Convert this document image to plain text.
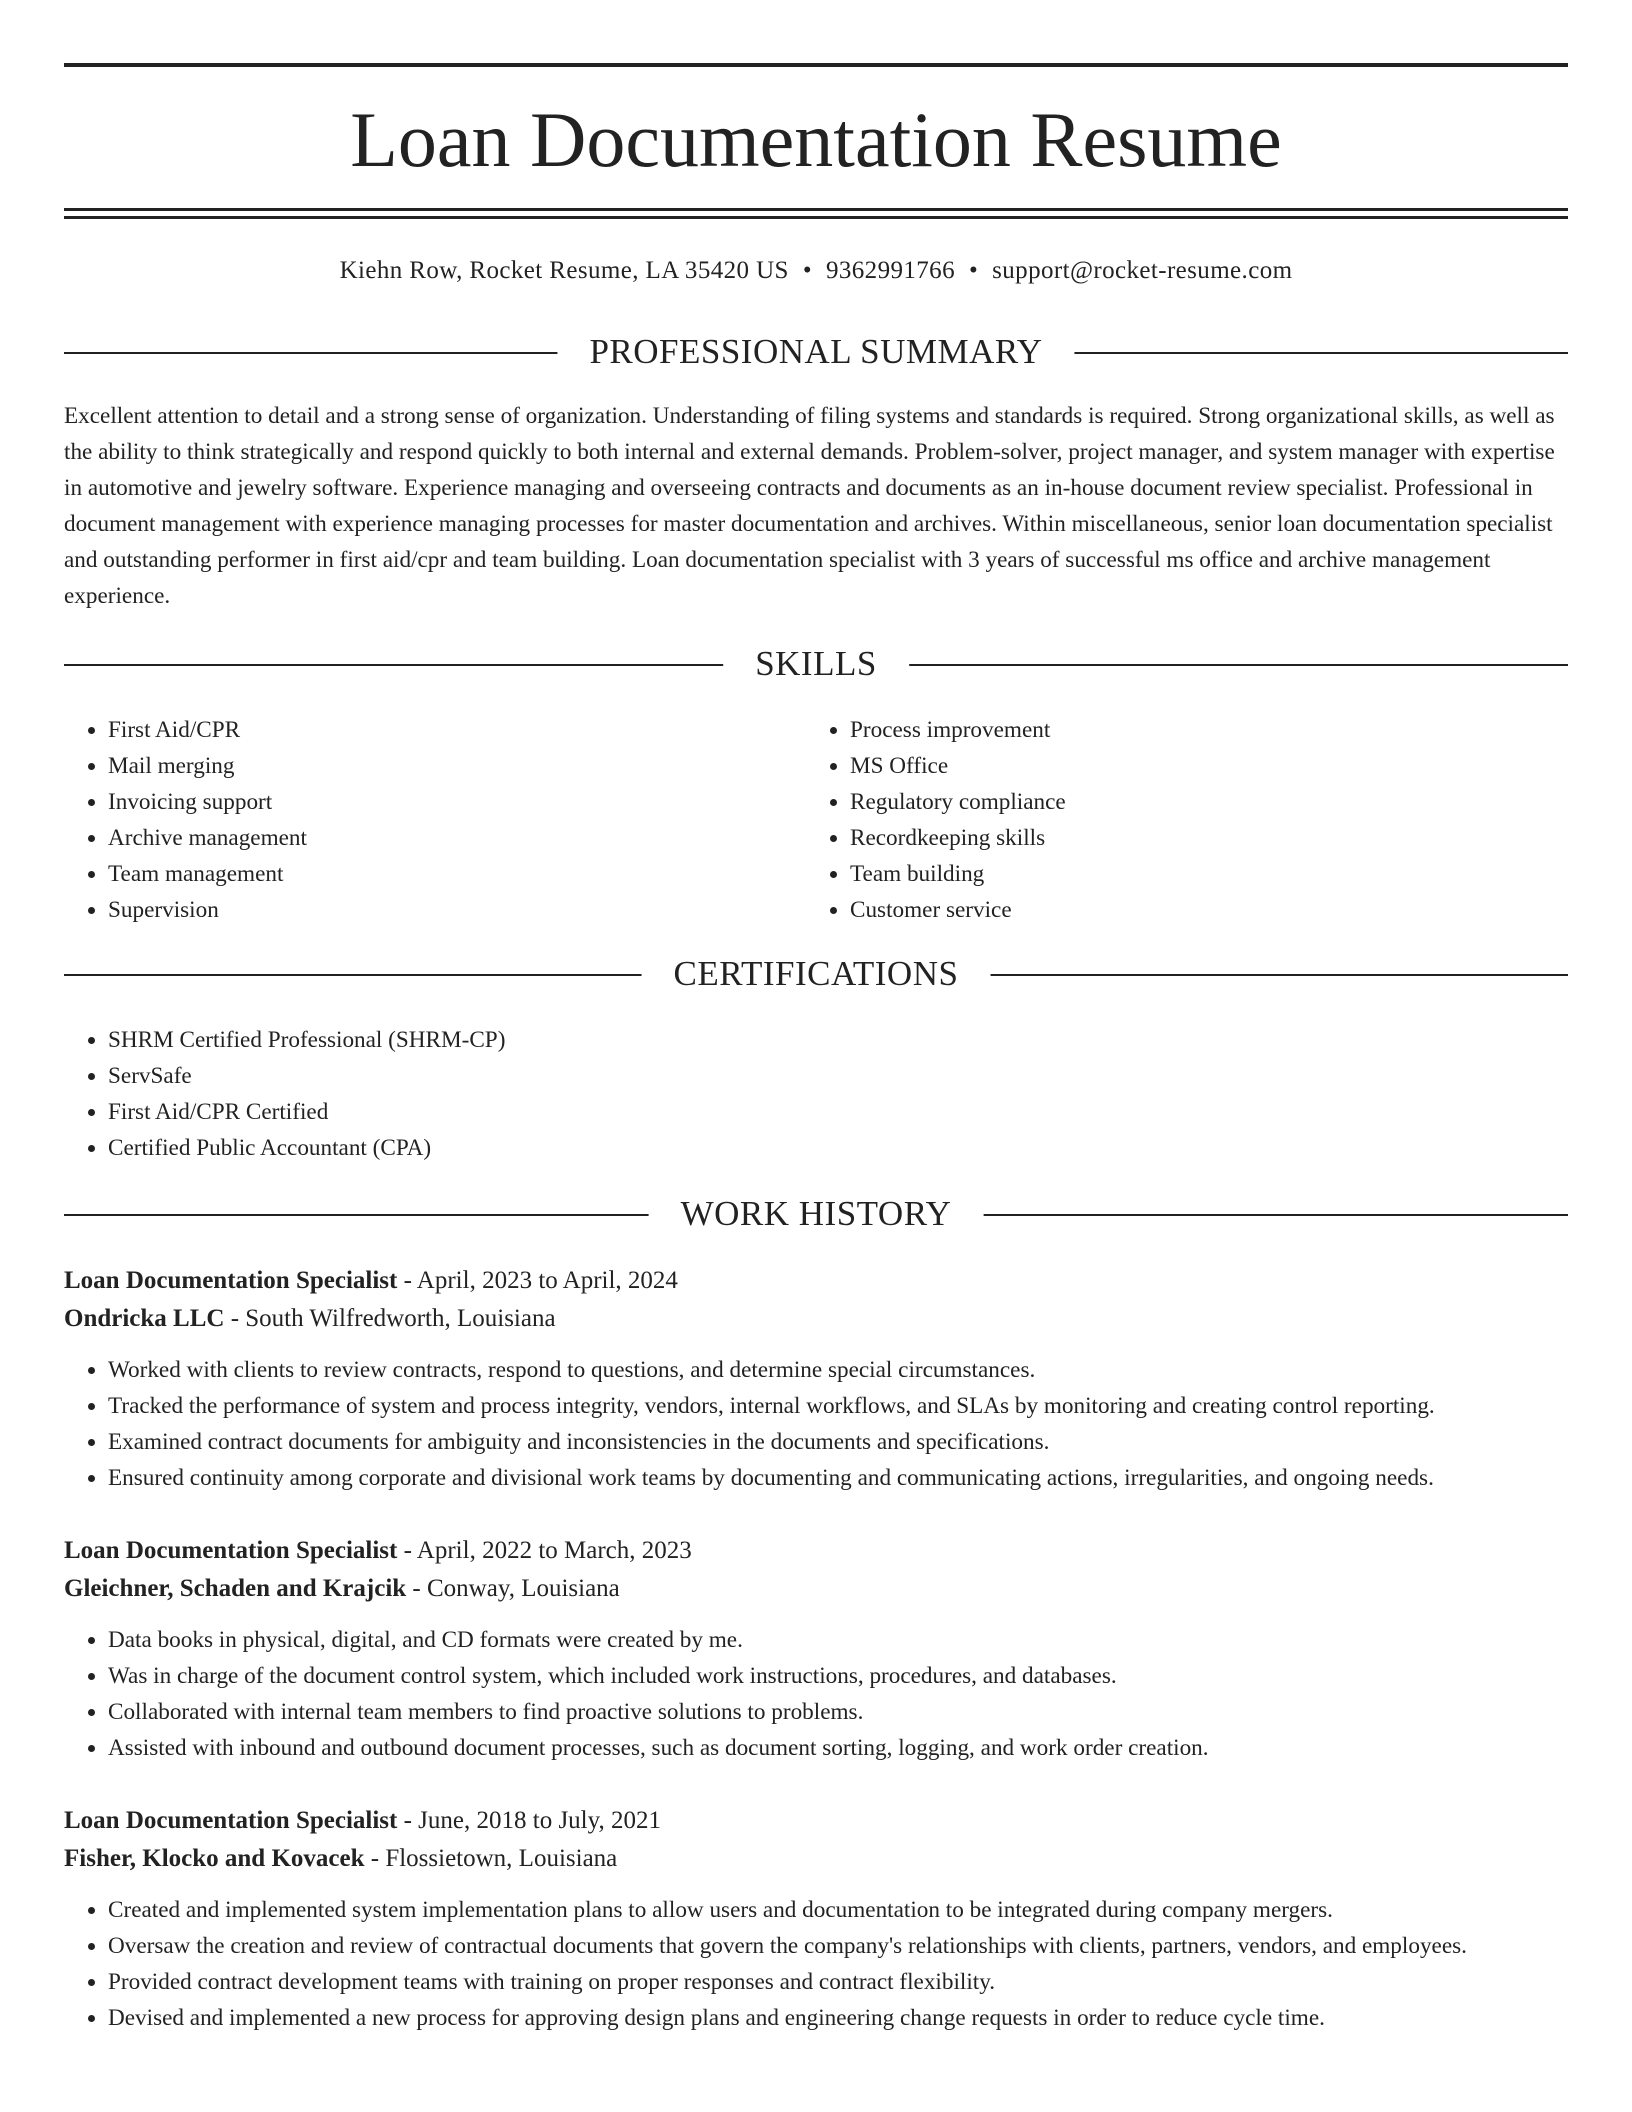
Loan Documentation Resume
Kiehn Row, Rocket Resume, LA 35420 US • 9362991766 • support@rocket-resume.com
PROFESSIONAL SUMMARY

Excellent attention to detail and a strong sense of organization. Understanding of filing systems and standards is required. Strong organizational skills, as well as the ability to think strategically and respond quickly to both internal and external demands. Problem-solver, project manager, and system manager with expertise in automotive and jewelry software. Experience managing and overseeing contracts and documents as an in-house document review specialist. Professional in document management with experience managing processes for master documentation and archives. Within miscellaneous, senior loan documentation specialist and outstanding performer in first aid/cpr and team building. Loan documentation specialist with 3 years of successful ms office and archive management experience.

SKILLS
• First Aid/CPR
• Mail merging
• Invoicing support
• Archive management
• Team management
• Supervision
• Process improvement
• MS Office
• Regulatory compliance
• Recordkeeping skills
• Team building
• Customer service
CERTIFICATIONS
• SHRM Certified Professional (SHRM-CP)
• ServSafe
• First Aid/CPR Certified
• Certified Public Accountant (CPA)
WORK HISTORY
Loan Documentation Specialist - April, 2023 to April, 2024
Ondricka LLC - South Wilfredworth, Louisiana
• Worked with clients to review contracts, respond to questions, and determine special circumstances.
• Tracked the performance of system and process integrity, vendors, internal workflows, and SLAs by monitoring and creating control reporting.
• Examined contract documents for ambiguity and inconsistencies in the documents and specifications.
• Ensured continuity among corporate and divisional work teams by documenting and communicating actions, irregularities, and ongoing needs.
Loan Documentation Specialist - April, 2022 to March, 2023
Gleichner, Schaden and Krajcik - Conway, Louisiana
• Data books in physical, digital, and CD formats were created by me.
• Was in charge of the document control system, which included work instructions, procedures, and databases.
• Collaborated with internal team members to find proactive solutions to problems.
• Assisted with inbound and outbound document processes, such as document sorting, logging, and work order creation.
Loan Documentation Specialist - June, 2018 to July, 2021
Fisher, Klocko and Kovacek - Flossietown, Louisiana
• Created and implemented system implementation plans to allow users and documentation to be integrated during company mergers.
• Oversaw the creation and review of contractual documents that govern the company's relationships with clients, partners, vendors, and employees.
• Provided contract development teams with training on proper responses and contract flexibility.
• Devised and implemented a new process for approving design plans and engineering change requests in order to reduce cycle time.
